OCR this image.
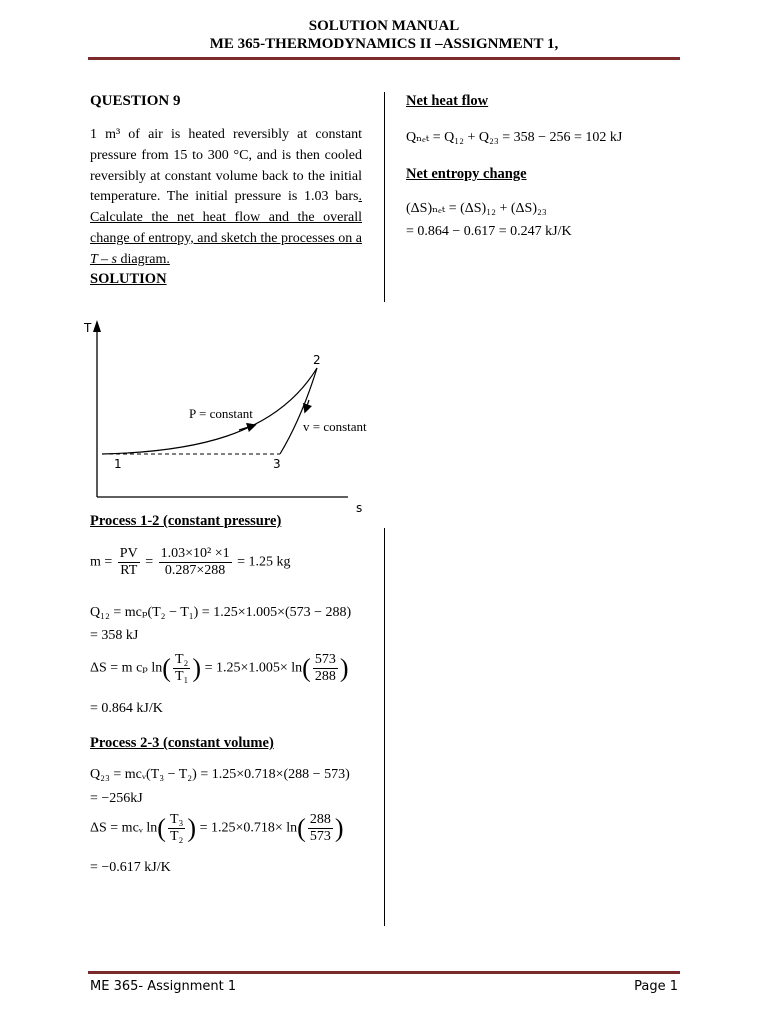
SOLUTION MANUAL
ME 365-THERMODYNAMICS II –ASSIGNMENT 1,
QUESTION 9
1 m³ of air is heated reversibly at constant pressure from 15 to 300 °C, and is then cooled reversibly at constant volume back to the initial temperature. The initial pressure is 1.03 bars. Calculate the net heat flow and the overall change of entropy, and sketch the processes on a T – s diagram.
SOLUTION
T
s
1
2
3
P = constant
v = constant
Process 1-2 (constant pressure)
$m = \frac{PV}{RT} = \frac{\text{1.03×10² ×1}}{0.287\times 288} = 1.25$ kg
Q₁₂ = mcₚ(T₂ − T₁) = 1.25×1.005×(573 − 288)
= 358 kJ
ΔS = m cₚ $\ln( \frac{\text{T₂}}{\text{T₁}}$ ) = $1.25\times 1.005\times \ln( \frac{573}{288}$ )
= 0.864 kJ/K
Process 2-3 (constant volume)
Q₂₃ = mcᵥ(T₃ − T₂) = 1.25×0.718×(288 − 573)
= −256kJ
ΔS = mcᵥ $\ln( \frac{\text{T₃}}{\text{T₂}}$ ) = $1.25\times 0.718\times \ln( \frac{288}{573}$ )
= −0.617 kJ/K
Net heat flow
Qₙₑₜ = Q₁₂ + Q₂₃ = 358 − 256 = 102 kJ
Net entropy change
(ΔS)ₙₑₜ = (ΔS)₁₂ + (ΔS)₂₃
= 0.864 − 0.617 = 0.247 kJ/K
ME 365- Assignment 1	Page 1
